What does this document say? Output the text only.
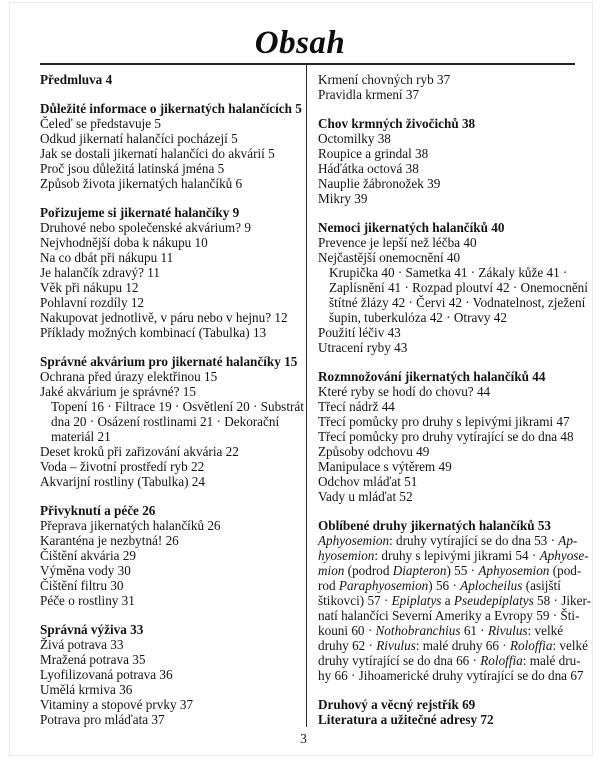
Obsah
Předmluva 4
Důležité informace o jikernatých halančících 5
Čeleď se představuje 5
Odkud jikernatí halančíci pocházejí 5
Jak se dostali jikernatí halančíci do akvárií 5
Proč jsou důležitá latinská jména 5
Způsob života jikernatých halančíků 6
Pořizujeme si jikernaté halančíky 9
Druhové nebo společenské akvárium? 9
Nejvhodnější doba k nákupu 10
Na co dbát při nákupu 11
Je halančík zdravý? 11
Věk při nákupu 12
Pohlavní rozdíly 12
Nakupovat jednotlivě, v páru nebo v hejnu? 12
Příklady možných kombinací (Tabulka) 13
Správné akvárium pro jikernaté halančíky 15
Ochrana před úrazy elektřinou 15
Jaké akvárium je správné? 15
Topení 16 · Filtrace 19 · Osvětlení 20 · Substrát
dna 20 · Osázení rostlinami 21 · Dekorační
materiál 21
Deset kroků při zařizování akvária 22
Voda – životní prostředí ryb 22
Akvarijní rostliny (Tabulka) 24
Přivyknutí a péče 26
Přeprava jikernatých halančíků 26
Karanténa je nezbytná! 26
Čištění akvária 29
Výměna vody 30
Čištění filtru 30
Péče o rostliny 31
Správná výživa 33
Živá potrava 33
Mražená potrava 35
Lyofilizovaná potrava 36
Umělá krmiva 36
Vitaminy a stopové prvky 37
Potrava pro mláďata 37
Krmení chovných ryb 37
Pravidla krmení 37
Chov krmných živočichů 38
Octomilky 38
Roupice a grindal 38
Háďátka octová 38
Nauplie žábronožek 39
Mikry 39
Nemoci jikernatých halančíků 40
Prevence je lepší než léčba 40
Nejčastější onemocnění 40
Krupička 40 · Sametka 41 · Zákaly kůže 41 ·
Zaplísnění 41 · Rozpad ploutví 42 · Onemocnění
štítné žlázy 42 · Červi 42 · Vodnatelnost, zježení
šupin, tuberkulóza 42 · Otravy 42
Použití léčiv 43
Utracení ryby 43
Rozmnožování jikernatých halančíků 44
Které ryby se hodí do chovu? 44
Třecí nádrž 44
Třecí pomůcky pro druhy s lepivými jikrami 47
Třecí pomůcky pro druhy vytírající se do dna 48
Způsoby odchovu 49
Manipulace s výtěrem 49
Odchov mláďat 51
Vady u mláďat 52
Oblíbené druhy jikernatých halančíků 53
Aphyosemion: druhy vytírající se do dna 53 · Ap-
hyosemion: druhy s lepivými jikrami 54 · Aphyose-
mion (podrod Diapteron) 55 · Aphyosemion (pod-
rod Paraphyosemion) 56 · Aplocheilus (asijští
štikovci) 57 · Epiplatys a Pseudepiplatys 58 · Jiker-
natí halančíci Severní Ameriky a Evropy 59 · Šti-
kouni 60 · Nothobranchius 61 · Rivulus: velké
druhy 62 · Rivulus: malé druhy 66 · Roloffia: velké
druhy vytírající se do dna 66 · Roloffia: malé dru-
hy 66 · Jihoamerické druhy vytírající se do dna 67
Druhový a věcný rejstřík 69
Literatura a užitečné adresy 72
3
